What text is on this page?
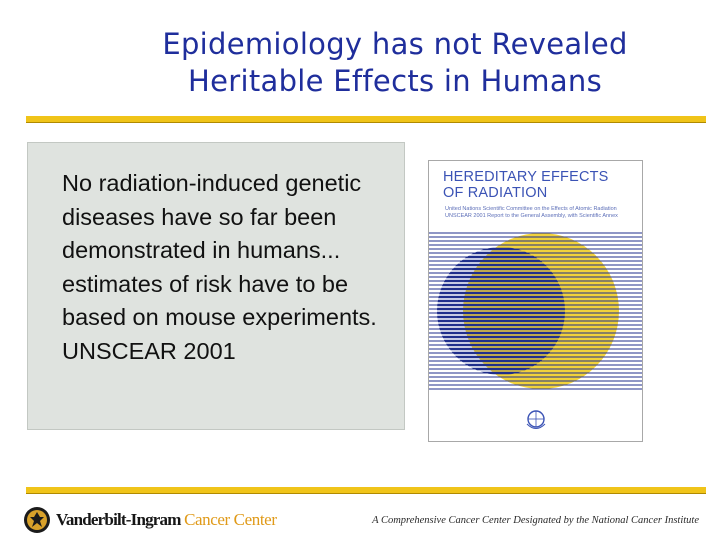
Epidemiology has not Revealed
Heritable Effects in Humans
No radiation-induced genetic diseases have so far been demonstrated in humans... estimates of risk have to be based on mouse experiments.
UNSCEAR 2001
HEREDITARY EFFECTS
OF RADIATION
United Nations Scientific Committee on the Effects of Atomic Radiation UNSCEAR 2001 Report to the General Assembly, with Scientific Annex
Vanderbilt-Ingram Cancer Center	A Comprehensive Cancer Center Designated by the National Cancer Institute
